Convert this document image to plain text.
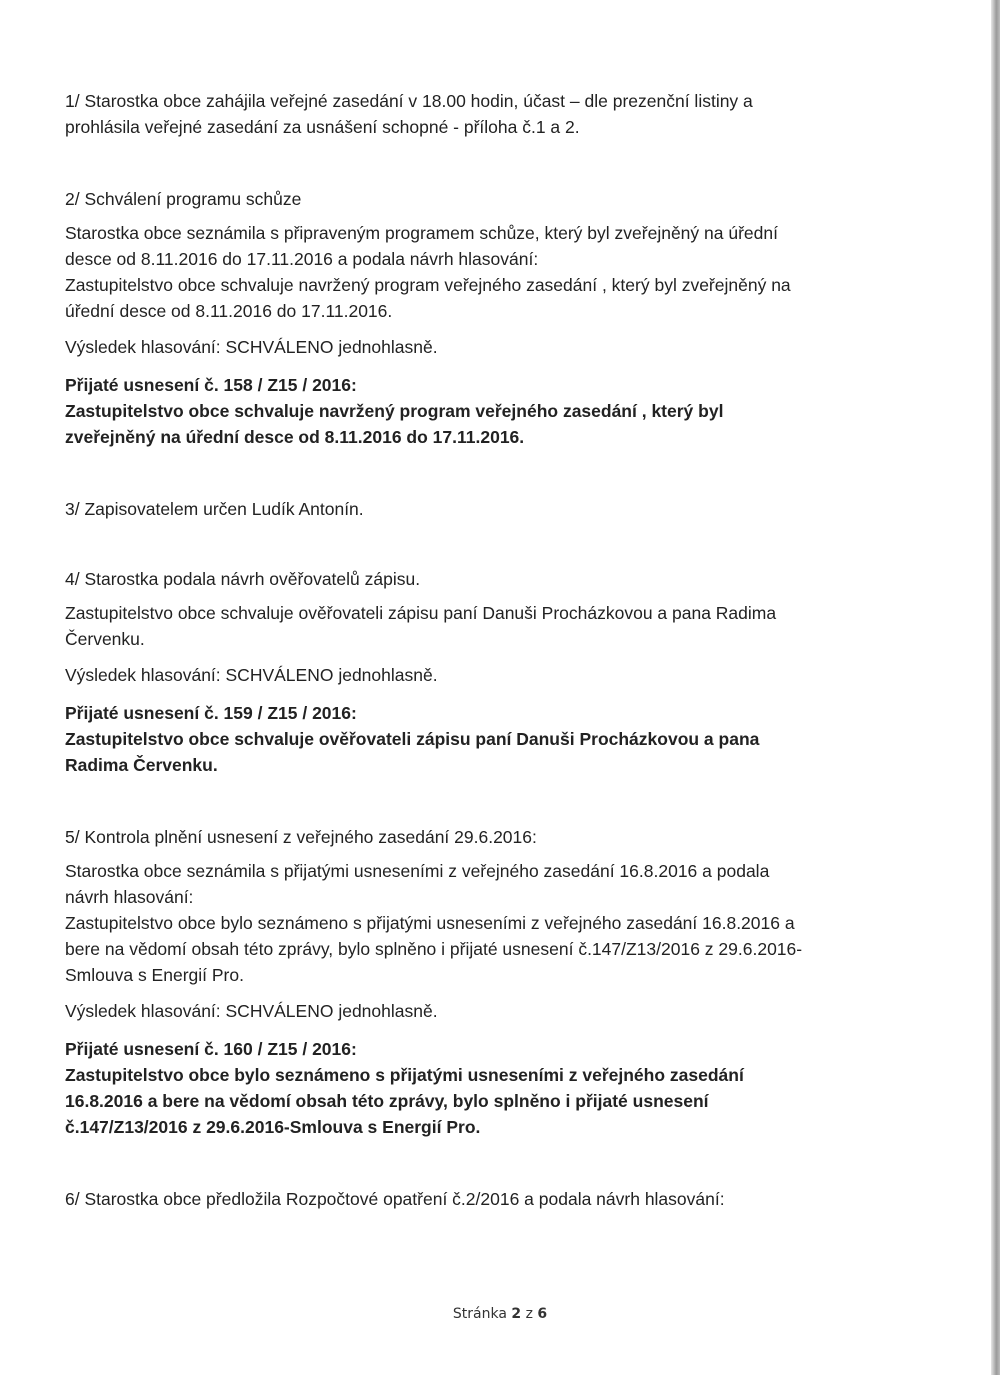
1/ Starostka obce zahájila veřejné zasedání v 18.00 hodin, účast – dle prezenční listiny a
prohlásila veřejné zasedání za usnášení schopné - příloha č.1 a 2.
2/ Schválení programu schůze
Starostka obce seznámila s připraveným programem schůze, který byl zveřejněný na úřední
desce od 8.11.2016 do 17.11.2016 a podala návrh hlasování:
Zastupitelstvo obce schvaluje navržený program veřejného zasedání , který byl zveřejněný na
úřední desce od 8.11.2016 do 17.11.2016.
Výsledek hlasování: SCHVÁLENO jednohlasně.
Přijaté usnesení č. 158 / Z15 / 2016:
Zastupitelstvo obce schvaluje navržený program veřejného zasedání , který byl
zveřejněný na úřední desce od 8.11.2016 do 17.11.2016.
3/ Zapisovatelem určen Ludík Antonín.
4/ Starostka podala návrh ověřovatelů zápisu.
Zastupitelstvo obce schvaluje ověřovateli zápisu paní Danuši Procházkovou a pana Radima
Červenku.
Výsledek hlasování: SCHVÁLENO jednohlasně.
Přijaté usnesení č. 159 / Z15 / 2016:
Zastupitelstvo obce schvaluje ověřovateli zápisu paní Danuši Procházkovou a pana
Radima Červenku.
5/ Kontrola plnění usnesení z veřejného zasedání 29.6.2016:
Starostka obce seznámila s přijatými usneseními z veřejného zasedání 16.8.2016 a podala
návrh hlasování:
Zastupitelstvo obce bylo seznámeno s přijatými usneseními z veřejného zasedání 16.8.2016 a
bere na vědomí obsah této zprávy, bylo splněno i přijaté usnesení č.147/Z13/2016 z 29.6.2016-
Smlouva s Energií Pro.
Výsledek hlasování: SCHVÁLENO jednohlasně.
Přijaté usnesení č. 160 / Z15 / 2016:
Zastupitelstvo obce bylo seznámeno s přijatými usneseními z veřejného zasedání
16.8.2016 a bere na vědomí obsah této zprávy, bylo splněno i přijaté usnesení
č.147/Z13/2016 z 29.6.2016-Smlouva s Energií Pro.
6/ Starostka obce předložila Rozpočtové opatření č.2/2016 a podala návrh hlasování:
Stránka 2 z 6
